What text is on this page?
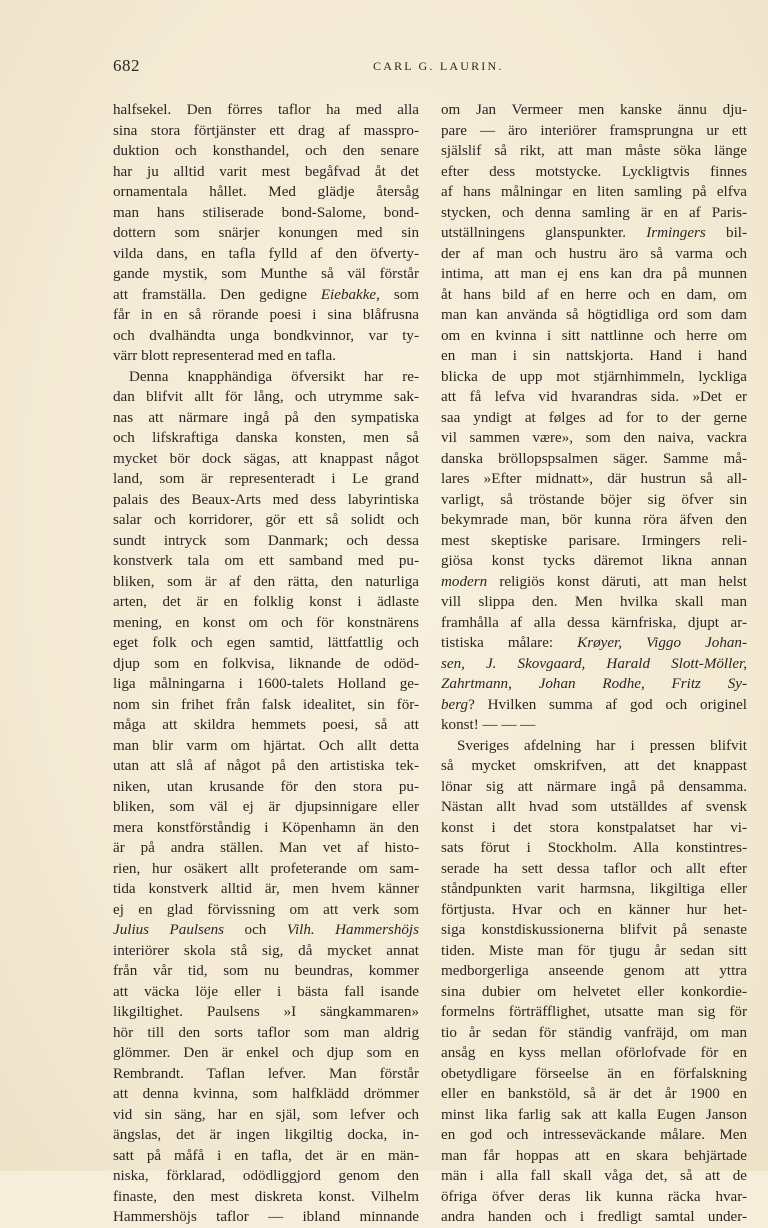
682	CARL G. LAURIN.
halfsekel. Den förres taflor ha med alla
sina stora förtjänster ett drag af masspro-
duktion och konsthandel, och den senare
har ju alltid varit mest begåfvad åt det
ornamentala hållet. Med glädje återsåg
man hans stiliserade bond-Salome, bond-
dottern som snärjer konungen med sin
vilda dans, en tafla fylld af den öfverty-
gande mystik, som Munthe så väl förstår
att framställa. Den gedigne Eiebakke, som
får in en så rörande poesi i sina blåfrusna
och dvalhändta unga bondkvinnor, var ty-
värr blott representerad med en tafla.
Denna knapphändiga öfversikt har re-
dan blifvit allt för lång, och utrymme sak-
nas att närmare ingå på den sympatiska
och lifskraftiga danska konsten, men så
mycket bör dock sägas, att knappast något
land, som är representeradt i Le grand
palais des Beaux-Arts med dess labyrintiska
salar och korridorer, gör ett så solidt och
sundt intryck som Danmark; och dessa
konstverk tala om ett samband med pu-
bliken, som är af den rätta, den naturliga
arten, det är en folklig konst i ädlaste
mening, en konst om och för konstnärens
eget folk och egen samtid, lättfattlig och
djup som en folkvisa, liknande de odöd-
liga målningarna i 1600-talets Holland ge-
nom sin frihet från falsk idealitet, sin för-
måga att skildra hemmets poesi, så att
man blir varm om hjärtat. Och allt detta
utan att slå af något på den artistiska tek-
niken, utan krusande för den stora pu-
bliken, som väl ej är djupsinnigare eller
mera konstförståndig i Köpenhamn än den
är på andra ställen. Man vet af histo-
rien, hur osäkert allt profeterande om sam-
tida konstverk alltid är, men hvem känner
ej en glad förvissning om att verk som
Julius Paulsens och Vilh. Hammershöjs
interiörer skola stå sig, då mycket annat
från vår tid, som nu beundras, kommer
att väcka löje eller i bästa fall isande
likgiltighet. Paulsens »I sängkammaren»
hör till den sorts taflor som man aldrig
glömmer. Den är enkel och djup som en
Rembrandt. Taflan lefver. Man förstår
att denna kvinna, som halfklädd drömmer
vid sin säng, har en själ, som lefver och
ängslas, det är ingen likgiltig docka, in-
satt på måfå i en tafla, det är en män-
niska, förklarad, odödliggjord genom den
finaste, den mest diskreta konst. Vilhelm
Hammershöjs taflor — ibland minnande
om Jan Vermeer men kanske ännu dju-
pare — äro interiörer framsprungna ur ett
själslif så rikt, att man måste söka länge
efter dess motstycke. Lyckligtvis finnes
af hans målningar en liten samling på elfva
stycken, och denna samling är en af Paris-
utställningens glanspunkter. Irmingers bil-
der af man och hustru äro så varma och
intima, att man ej ens kan dra på munnen
åt hans bild af en herre och en dam, om
man kan använda så högtidliga ord som dam
om en kvinna i sitt nattlinne och herre om
en man i sin nattskjorta. Hand i hand
blicka de upp mot stjärnhimmeln, lyckliga
att få lefva vid hvarandras sida. »Det er
saa yndigt at følges ad for to der gerne
vil sammen være», som den naiva, vackra
danska bröllopspsalmen säger. Samme må-
lares »Efter midnatt», där hustrun så all-
varligt, så tröstande böjer sig öfver sin
bekymrade man, bör kunna röra äfven den
mest skeptiske parisare. Irmingers reli-
giösa konst tycks däremot likna annan
modern religiös konst däruti, att man helst
vill slippa den. Men hvilka skall man
framhålla af alla dessa kärnfriska, djupt ar-
tistiska målare: Krøyer, Viggo Johan-
sen, J. Skovgaard, Harald Slott-Möller,
Zahrtmann, Johan Rodhe, Fritz Sy-
berg? Hvilken summa af god och originel
konst! — — —
Sveriges afdelning har i pressen blifvit
så mycket omskrifven, att det knappast
lönar sig att närmare ingå på densamma.
Nästan allt hvad som utställdes af svensk
konst i det stora konstpalatset har vi-
sats förut i Stockholm. Alla konstintres-
serade ha sett dessa taflor och allt efter
ståndpunkten varit harmsna, likgiltiga eller
förtjusta. Hvar och en känner hur het-
siga konstdiskussionerna blifvit på senaste
tiden. Miste man för tjugu år sedan sitt
medborgerliga anseende genom att yttra
sina dubier om helvetet eller konkordie-
formelns förträfflighet, utsatte man sig för
tio år sedan för ständig vanfräjd, om man
ansåg en kyss mellan oförlofvade för en
obetydligare förseelse än en förfalskning
eller en bankstöld, så är det år 1900 en
minst lika farlig sak att kalla Eugen Janson
en god och intresseväckande målare. Men
man får hoppas att en skara behjärtade
män i alla fall skall våga det, så att de
öfriga öfver deras lik kunna räcka hvar-
andra handen och i fredligt samtal under-
